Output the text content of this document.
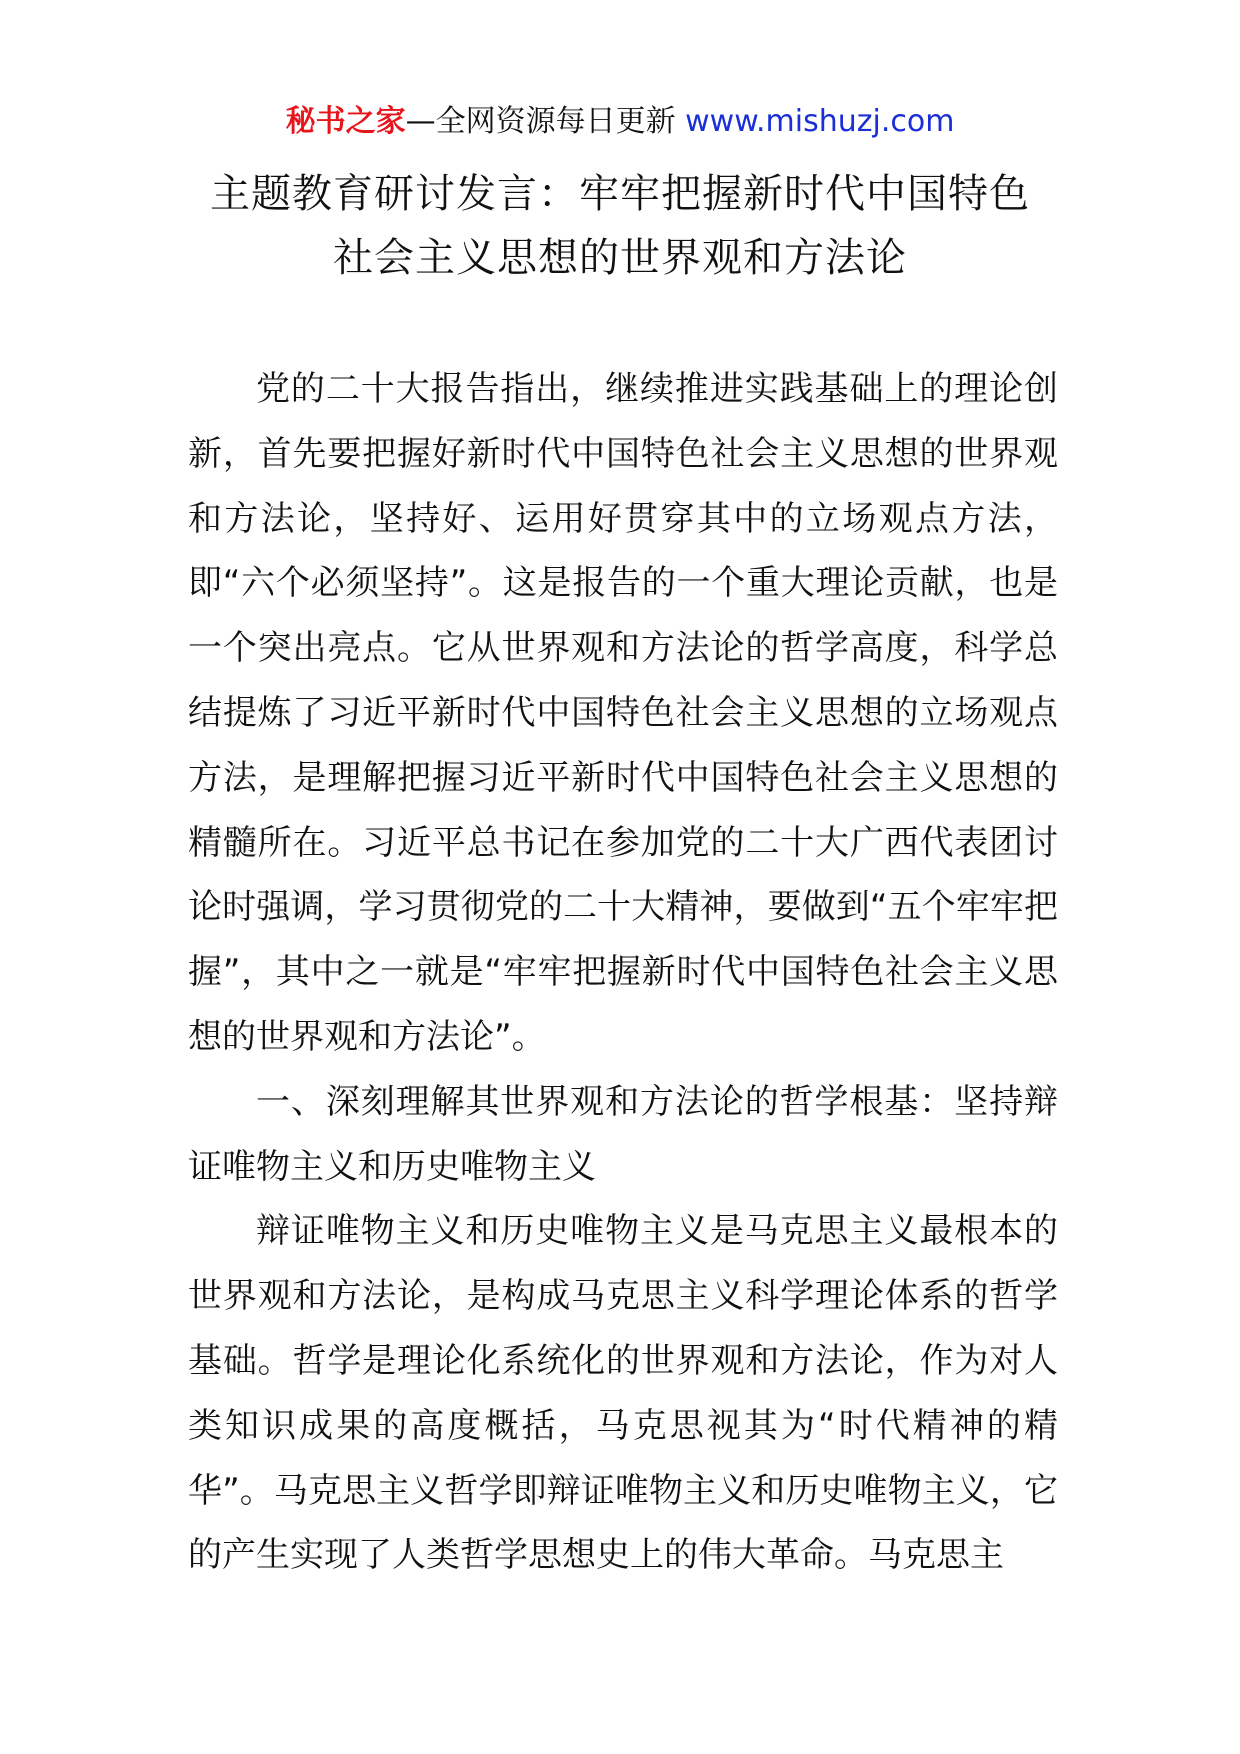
秘书之家—全网资源每日更新 www.mishuzj.com
主题教育研讨发言：牢牢把握新时代中国特色
社会主义思想的世界观和方法论

党的二十大报告指出，继续推进实践基础上的理论创新，首先要把握好新时代中国特色社会主义思想的世界观和方法论，坚持好、运用好贯穿其中的立场观点方法，即“六个必须坚持”。这是报告的一个重大理论贡献，也是一个突出亮点。它从世界观和方法论的哲学高度，科学总结提炼了习近平新时代中国特色社会主义思想的立场观点方法，是理解把握习近平新时代中国特色社会主义思想的精髓所在。习近平总书记在参加党的二十大广西代表团讨论时强调，学习贯彻党的二十大精神，要做到“五个牢牢把握”，其中之一就是“牢牢把握新时代中国特色社会主义思想的世界观和方法论”。

一、深刻理解其世界观和方法论的哲学根基：坚持辩证唯物主义和历史唯物主义

辩证唯物主义和历史唯物主义是马克思主义最根本的世界观和方法论，是构成马克思主义科学理论体系的哲学基础。哲学是理论化系统化的世界观和方法论，作为对人类知识成果的高度概括，马克思视其为“时代精神的精华”。马克思主义哲学即辩证唯物主义和历史唯物主义，它的产生实现了人类哲学思想史上的伟大革命。马克思主
